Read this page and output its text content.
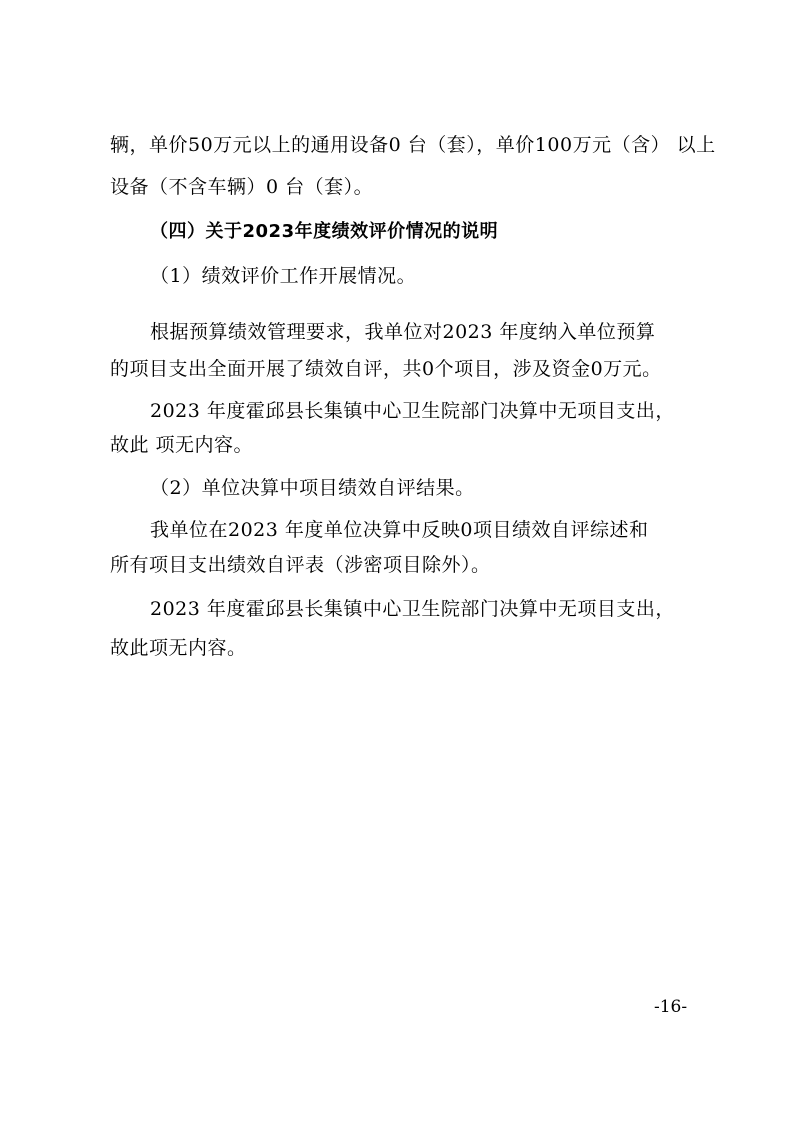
辆，单价50万元以上的通用设备0 台（套），单价100万元（含） 以上
设备（不含车辆）0 台（套）。
（四）关于2023年度绩效评价情况的说明
（1）绩效评价工作开展情况。
根据预算绩效管理要求，我单位对2023 年度纳入单位预算
的项目支出全面开展了绩效自评，共0个项目，涉及资金0万元。
2023 年度霍邱县长集镇中心卫生院部门决算中无项目支出，
故此 项无内容。
（2）单位决算中项目绩效自评结果。
我单位在2023 年度单位决算中反映0项目绩效自评综述和
所有项目支出绩效自评表（涉密项目除外）。
2023 年度霍邱县长集镇中心卫生院部门决算中无项目支出，
故此项无内容。
-16-
